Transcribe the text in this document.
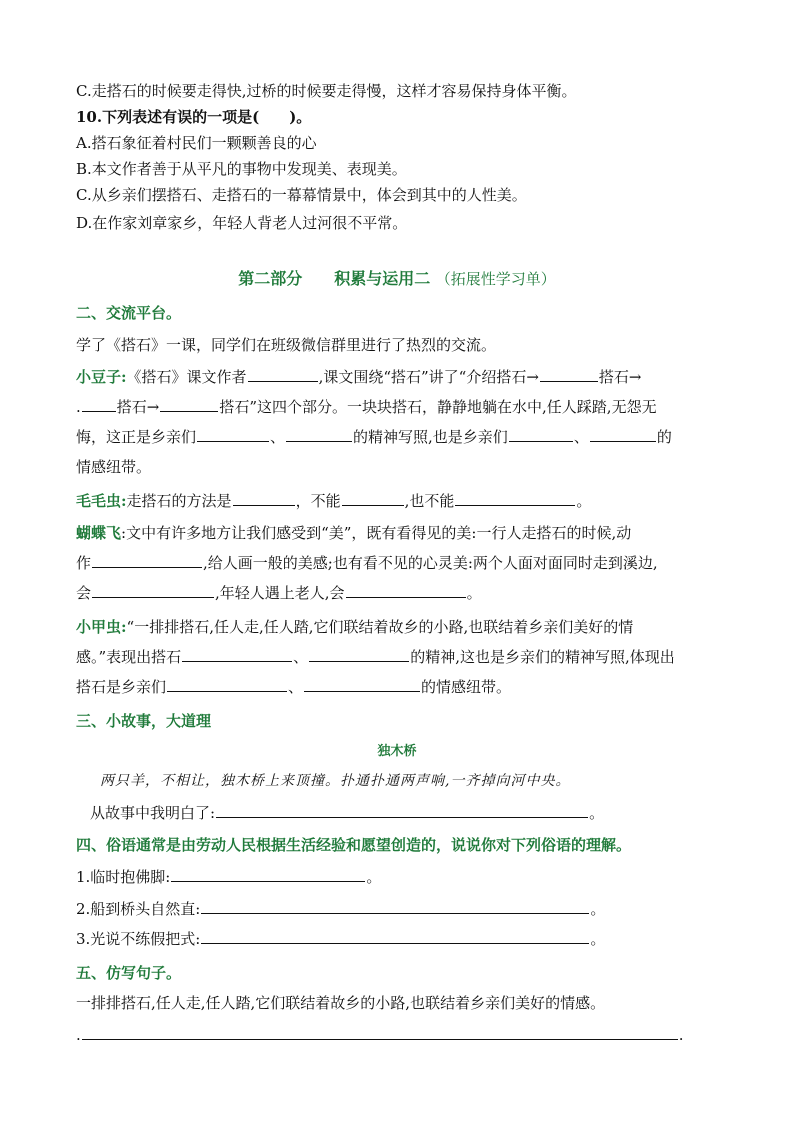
C.走搭石的时候要走得快,过桥的时候要走得慢，这样才容易保持身体平衡。
10.下列表述有误的一项是(　　)。
A.搭石象征着村民们一颗颗善良的心
B.本文作者善于从平凡的事物中发现美、表现美。
C.从乡亲们摆搭石、走搭石的一幕幕情景中，体会到其中的人性美。
D.在作家刘章家乡，年轻人背老人过河很不平常。
第二部分　　积累与运用二 （拓展性学习单）
二、交流平台。
学了《搭石》一课，同学们在班级微信群里进行了热烈的交流。
小豆子:《搭石》课文作者	,课文围绕“搭石”讲了“介绍搭石→	搭石→
. 搭石→	搭石”这四个部分。一块块搭石，静静地躺在水中,任人踩踏,无怨无
悔，这正是乡亲们	、	的精神写照,也是乡亲们	、	的
情感纽带。
毛毛虫:走搭石的方法是	，不能	,也不能	。
蝴蝶飞:文中有许多地方让我们感受到“美”，既有看得见的美:一行人走搭石的时候,动
作	,给人画一般的美感;也有看不见的心灵美:两个人面对面同时走到溪边,
会	,年轻人遇上老人,会	。
小甲虫:“一排排搭石,任人走,任人踏,它们联结着故乡的小路,也联结着乡亲们美好的情
感。”表现出搭石	、	的精神,这也是乡亲们的精神写照,体现出
搭石是乡亲们	、	的情感纽带。
三、小故事，大道理
独木桥
两只羊，不相让，独木桥上来顶撞。扑通扑通两声响,一齐掉向河中央。
从故事中我明白了:	。
四、俗语通常是由劳动人民根据生活经验和愿望创造的，说说你对下列俗语的理解。
1.临时抱佛脚:	。
2.船到桥头自然直:	。
3.光说不练假把式:	。
五、仿写句子。
一排排搭石,任人走,任人踏,它们联结着故乡的小路,也联结着乡亲们美好的情感。
.	.
